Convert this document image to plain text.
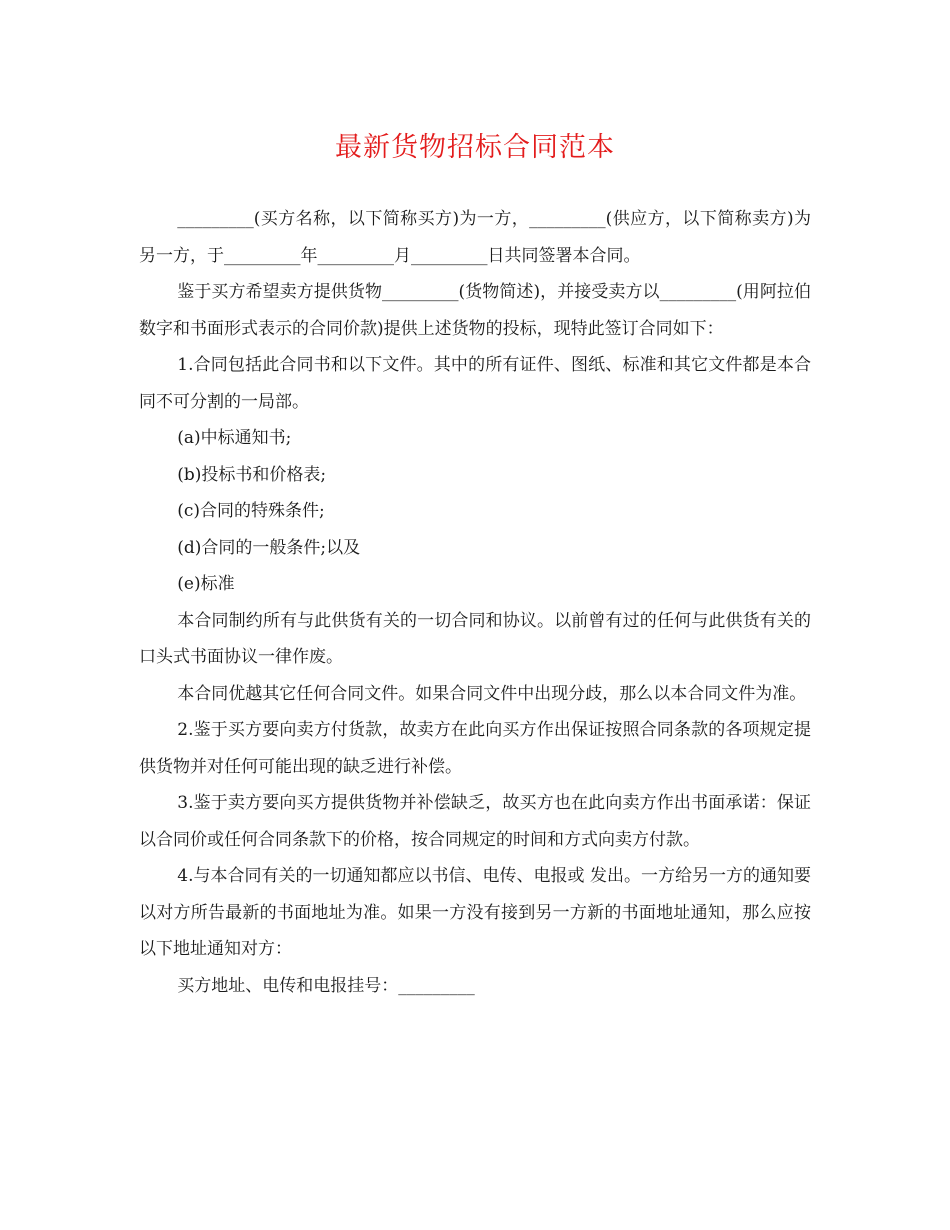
最新货物招标合同范本

_________(买方名称，以下简称买方)为一方，_________(供应方，以下简称卖方)为另一方，于_________年_________月_________日共同签署本合同。

鉴于买方希望卖方提供货物_________(货物简述)，并接受卖方以_________(用阿拉伯数字和书面形式表示的合同价款)提供上述货物的投标，现特此签订合同如下：

1.合同包括此合同书和以下文件。其中的所有证件、图纸、标准和其它文件都是本合同不可分割的一局部。

(a)中标通知书;

(b)投标书和价格表;

(c)合同的特殊条件;

(d)合同的一般条件;以及

(e)标准

本合同制约所有与此供货有关的一切合同和协议。以前曾有过的任何与此供货有关的口头式书面协议一律作废。

本合同优越其它任何合同文件。如果合同文件中出现分歧，那么以本合同文件为准。

2.鉴于买方要向卖方付货款，故卖方在此向买方作出保证按照合同条款的各项规定提供货物并对任何可能出现的缺乏进行补偿。

3.鉴于卖方要向买方提供货物并补偿缺乏，故买方也在此向卖方作出书面承诺：保证以合同价或任何合同条款下的价格，按合同规定的时间和方式向卖方付款。

4.与本合同有关的一切通知都应以书信、电传、电报或 发出。一方给另一方的通知要以对方所告最新的书面地址为准。如果一方没有接到另一方新的书面地址通知，那么应按以下地址通知对方：

买方地址、电传和电报挂号：_________
